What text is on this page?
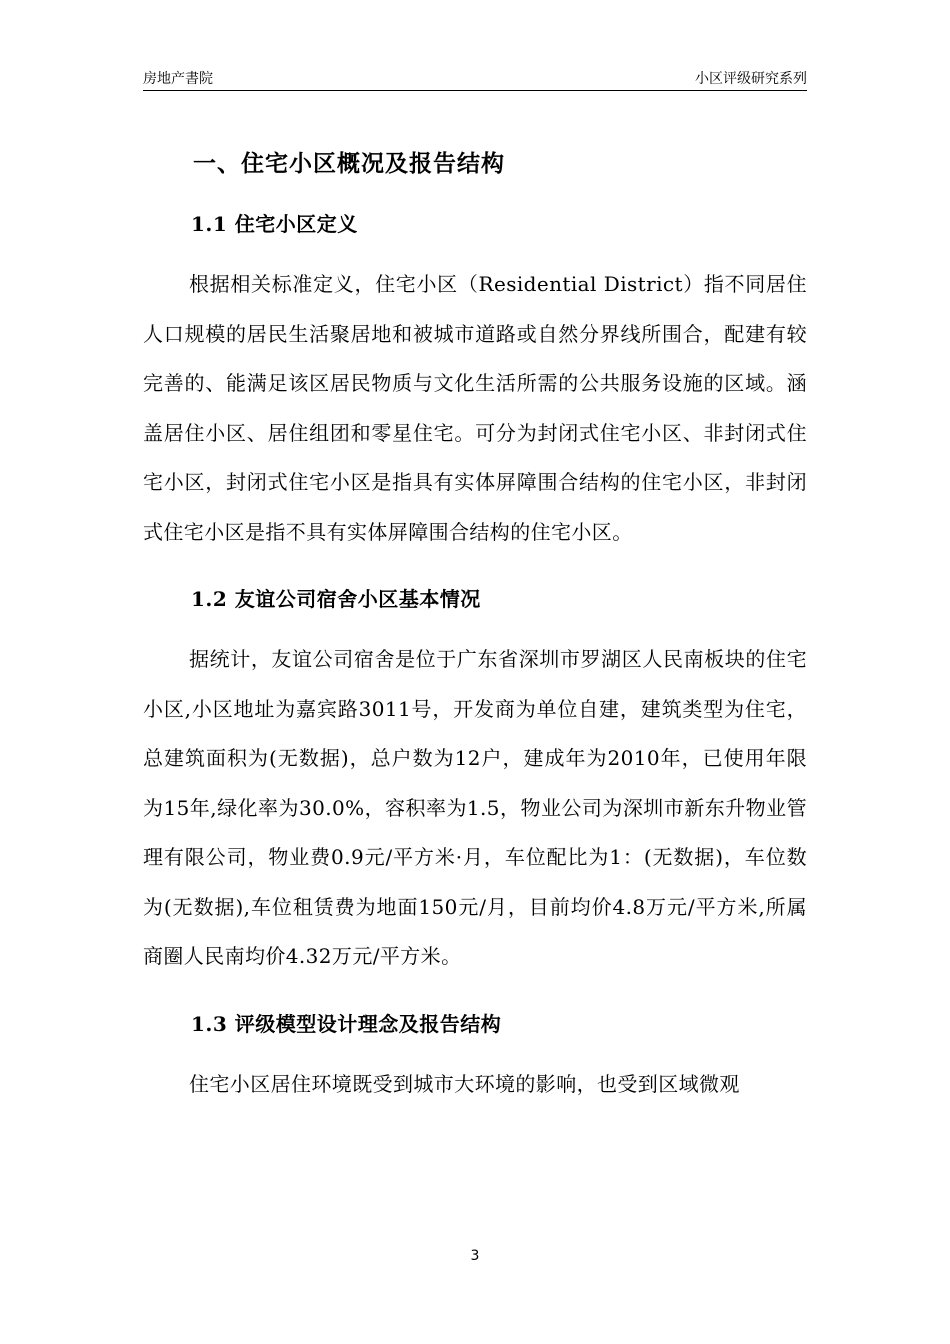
房地产書院	小区评级研究系列
一、住宅小区概况及报告结构
1.1 住宅小区定义

根据相关标准定义，住宅小区（Residential District）指不同居住人口规模的居民生活聚居地和被城市道路或自然分界线所围合，配建有较完善的、能满足该区居民物质与文化生活所需的公共服务设施的区域。涵盖居住小区、居住组团和零星住宅。可分为封闭式住宅小区、非封闭式住宅小区，封闭式住宅小区是指具有实体屏障围合结构的住宅小区，非封闭式住宅小区是指不具有实体屏障围合结构的住宅小区。

1.2 友谊公司宿舍小区基本情况

据统计，友谊公司宿舍是位于广东省深圳市罗湖区人民南板块的住宅小区,小区地址为嘉宾路3011号，开发商为单位自建，建筑类型为住宅，总建筑面积为(无数据)，总户数为12户，建成年为2010年，已使用年限为15年,绿化率为30.0%，容积率为1.5，物业公司为深圳市新东升物业管理有限公司，物业费0.9元/平方米·月，车位配比为1：(无数据)，车位数为(无数据),车位租赁费为地面150元/月，目前均价4.8万元/平方米,所属商圈人民南均价4.32万元/平方米。

1.3 评级模型设计理念及报告结构

住宅小区居住环境既受到城市大环境的影响，也受到区域微观

3
